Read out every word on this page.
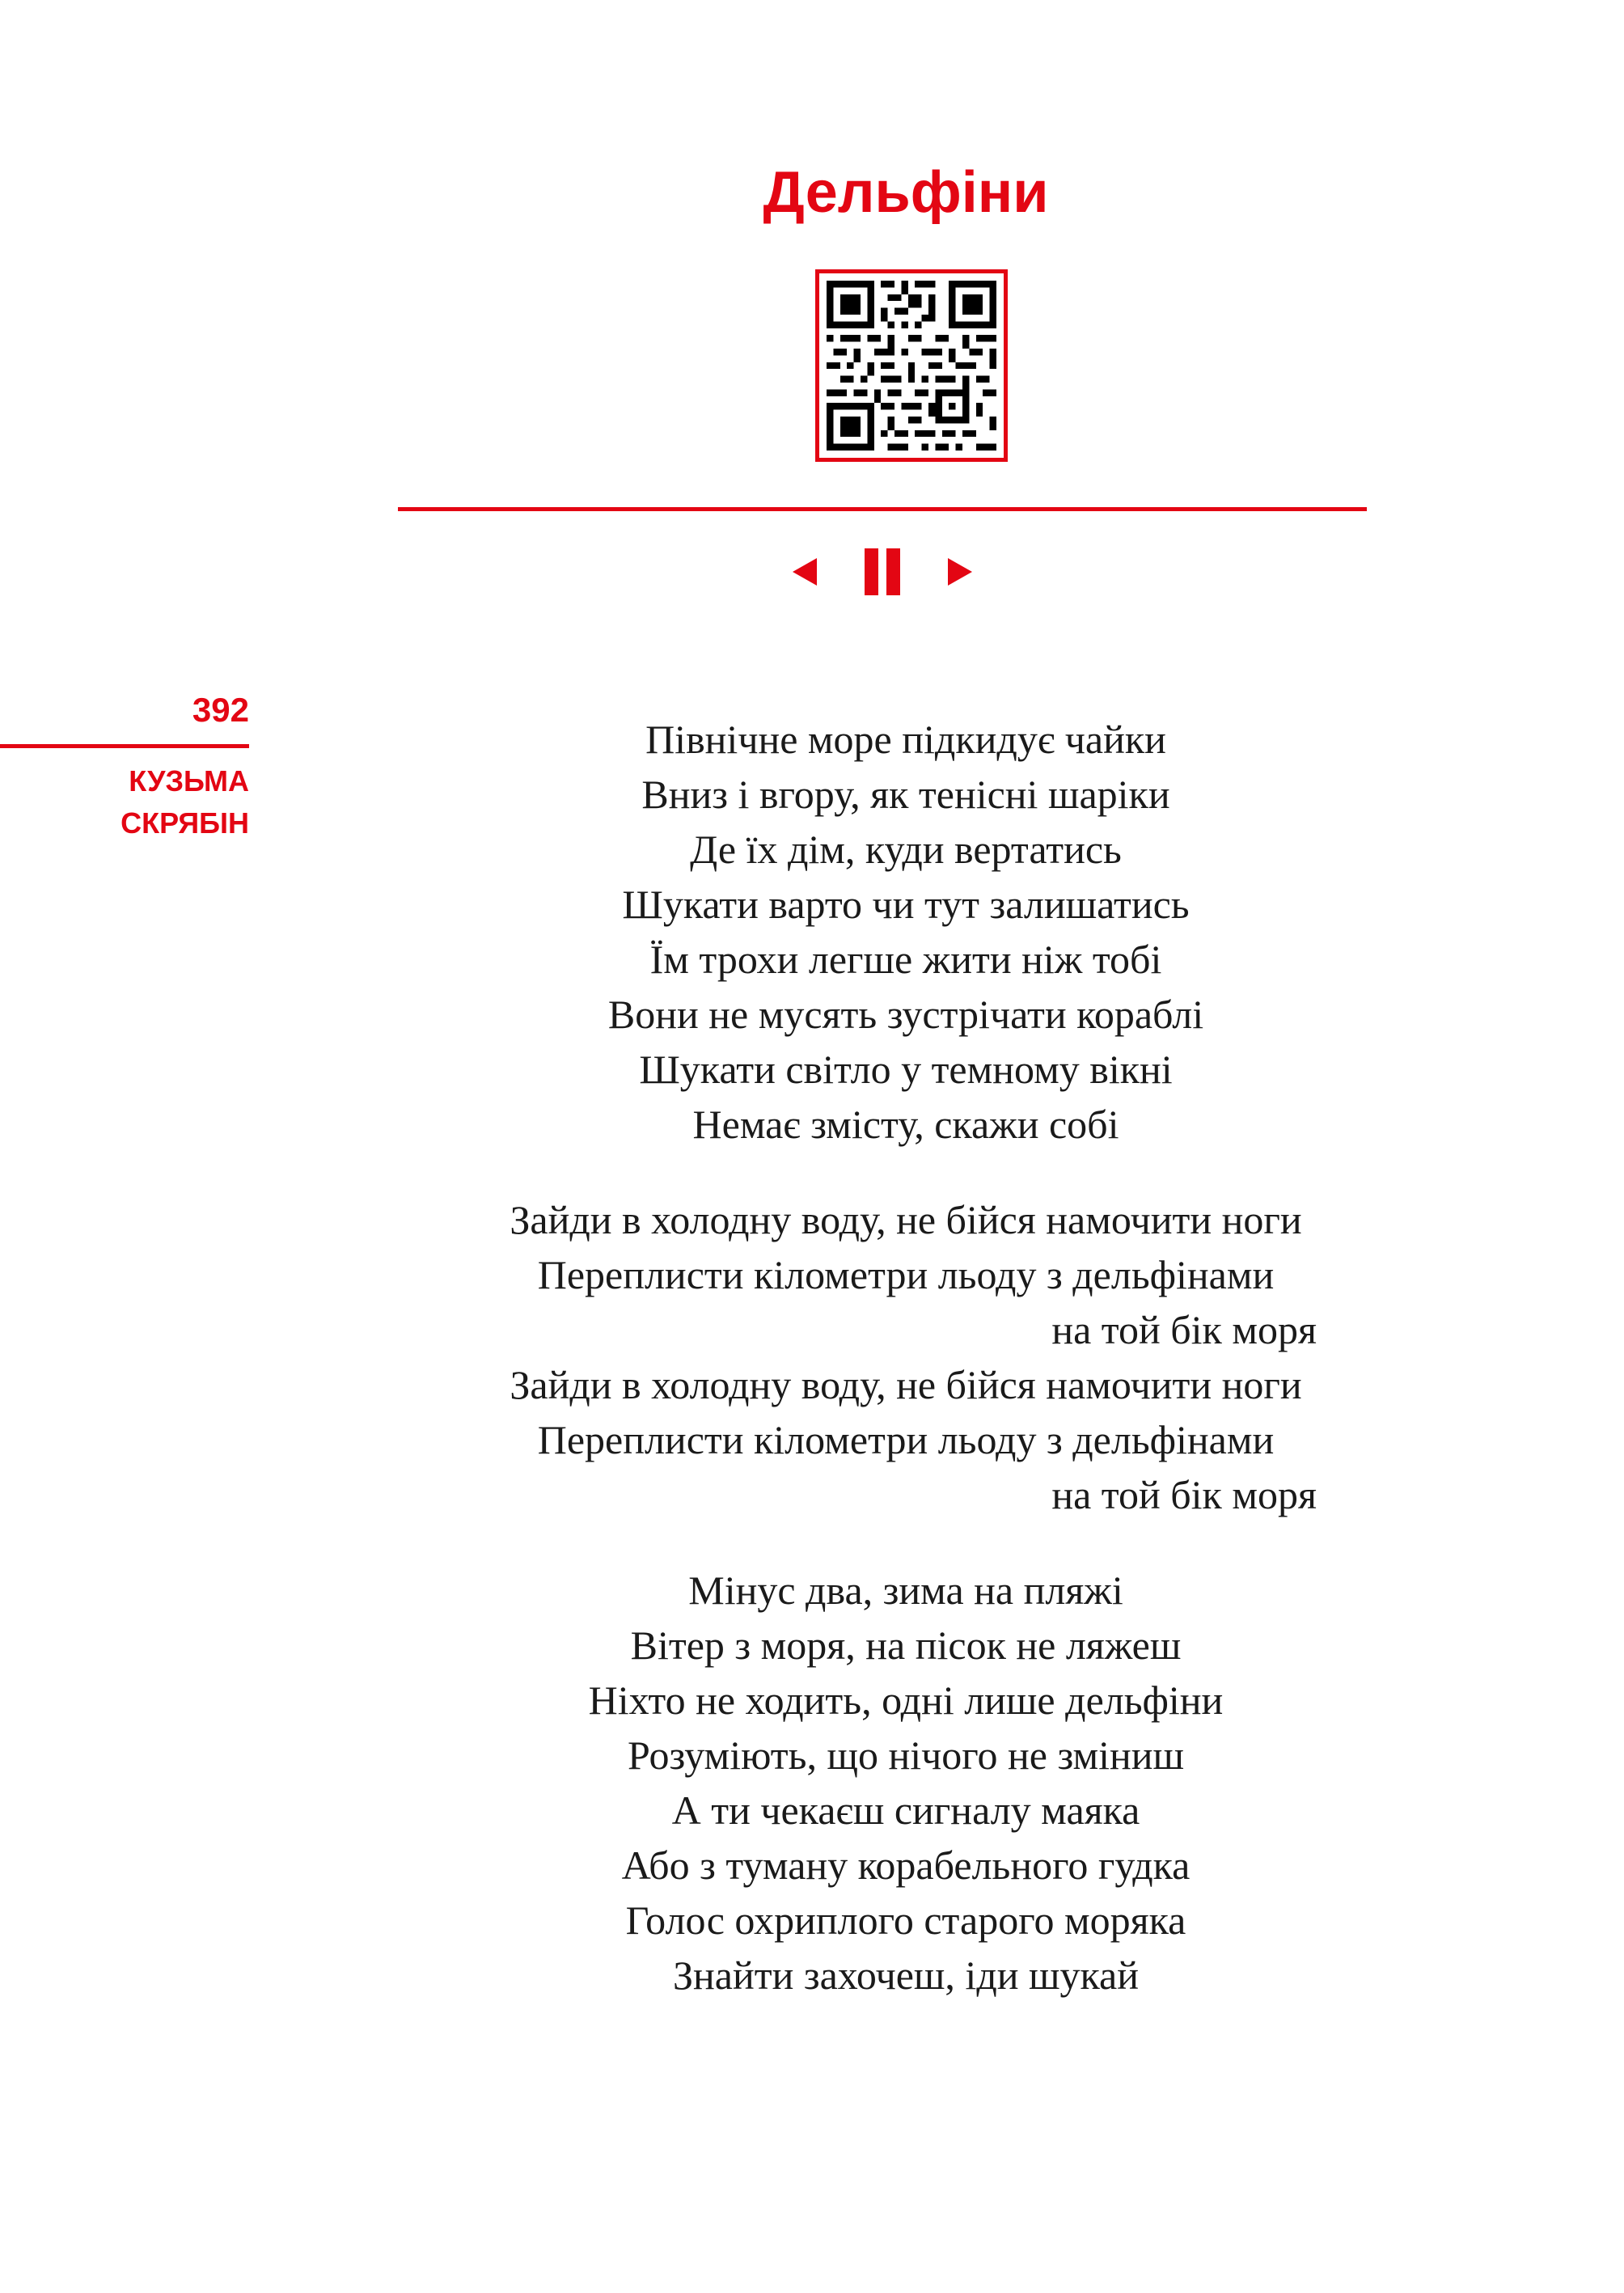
Дельфіни
392
КУЗЬМА
СКРЯБІН
Північне море підкидує чайки
Вниз і вгору, як тенісні шаріки
Де їх дім, куди вертатись
Шукати варто чи тут залишатись
Їм трохи легше жити ніж тобі
Вони не мусять зустрічати кораблі
Шукати світло у темному вікні
Немає змісту, скажи собі
Зайди в холодну воду, не бійся намочити ноги
Переплисти кілометри льоду з дельфінами
на той бік моря
Зайди в холодну воду, не бійся намочити ноги
Переплисти кілометри льоду з дельфінами
на той бік моря
Мінус два, зима на пляжі
Вітер з моря, на пісок не ляжеш
Ніхто не ходить, одні лише дельфіни
Розуміють, що нічого не зміниш
А ти чекаєш сигналу маяка
Або з туману корабельного гудка
Голос охриплого старого моряка
Знайти захочеш, іди шукай
